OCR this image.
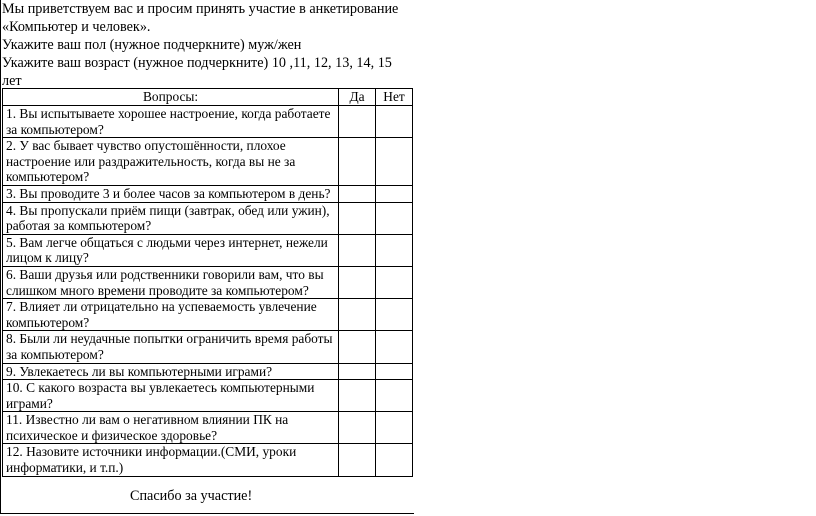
Мы приветствуем вас и просим принять участие в анкетирование
«Компьютер и человек».
Укажите ваш пол (нужное подчеркните) муж/жен
Укажите ваш возраст (нужное подчеркните) 10 ,11, 12, 13, 14, 15
лет
Вопросы:	Да	Нет
1. Вы испытываете хорошее настроение, когда работаете за компьютером?		
2. У вас бывает чувство опустошённости, плохое настроение или раздражительность, когда вы не за компьютером?		
3. Вы проводите 3 и более часов за компьютером в день?		
4. Вы пропускали приём пищи (завтрак, обед или ужин), работая за компьютером?		
5. Вам легче общаться с людьми через интернет, нежели лицом к лицу?		
6. Ваши друзья или родственники говорили вам, что вы слишком много времени проводите за компьютером?		
7. Влияет ли отрицательно на успеваемость увлечение компьютером?		
8. Были ли неудачные попытки ограничить время работы за компьютером?		
9. Увлекаетесь ли вы компьютерными играми?		
10. С какого возраста вы увлекаетесь компьютерными играми?		
11. Известно ли вам о негативном влиянии ПК на психическое и физическое здоровье?		
12. Назовите источники информации.(СМИ, уроки информатики, и т.п.)		
Спасибо за участие!
